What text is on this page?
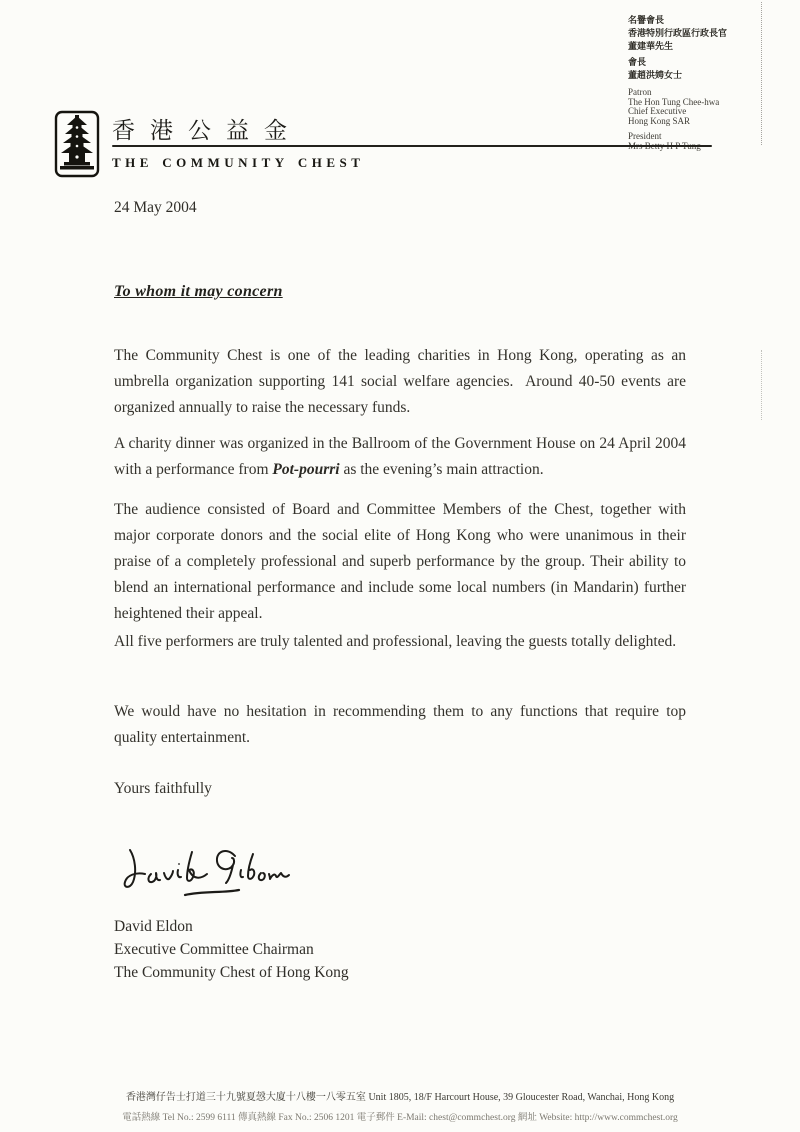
名譽會長
香港特別行政區行政長官
董建華先生
會長
董趙洪娉女士
Patron
The Hon Tung Chee-hwa
Chief Executive
Hong Kong SAR
President
香港公益金
the community chest
24 May 2004
To whom it may concern

The Community Chest is one of the leading charities in Hong Kong, operating as an umbrella organization supporting 141 social welfare agencies.  Around 40-50 events are organized annually to raise the necessary funds.

A charity dinner was organized in the Ballroom of the Government House on 24 April 2004 with a performance from Pot-pourri as the evening’s main attraction.

The audience consisted of Board and Committee Members of the Chest, together with major corporate donors and the social elite of Hong Kong who were unanimous in their praise of a completely professional and superb performance by the group. Their ability to blend an international performance and include some local numbers (in Mandarin) further heightened their appeal.

All five performers are truly talented and professional, leaving the guests totally delighted.

We would have no hesitation in recommending them to any functions that require top quality entertainment.

Yours faithfully
David Eldon
Executive Committee Chairman
The Community Chest of Hong Kong
香港灣仔告士打道三十九號夏愨大廈十八樓一八零五室 Unit 1805, 18/F Harcourt House, 39 Gloucester Road, Wanchai, Hong Kong
電話熱線 Tel No.: 2599 6111 傳真熱線 Fax No.: 2506 1201 電子郵件 E-Mail: chest@commchest.org 網址 Website: http://www.commchest.org
